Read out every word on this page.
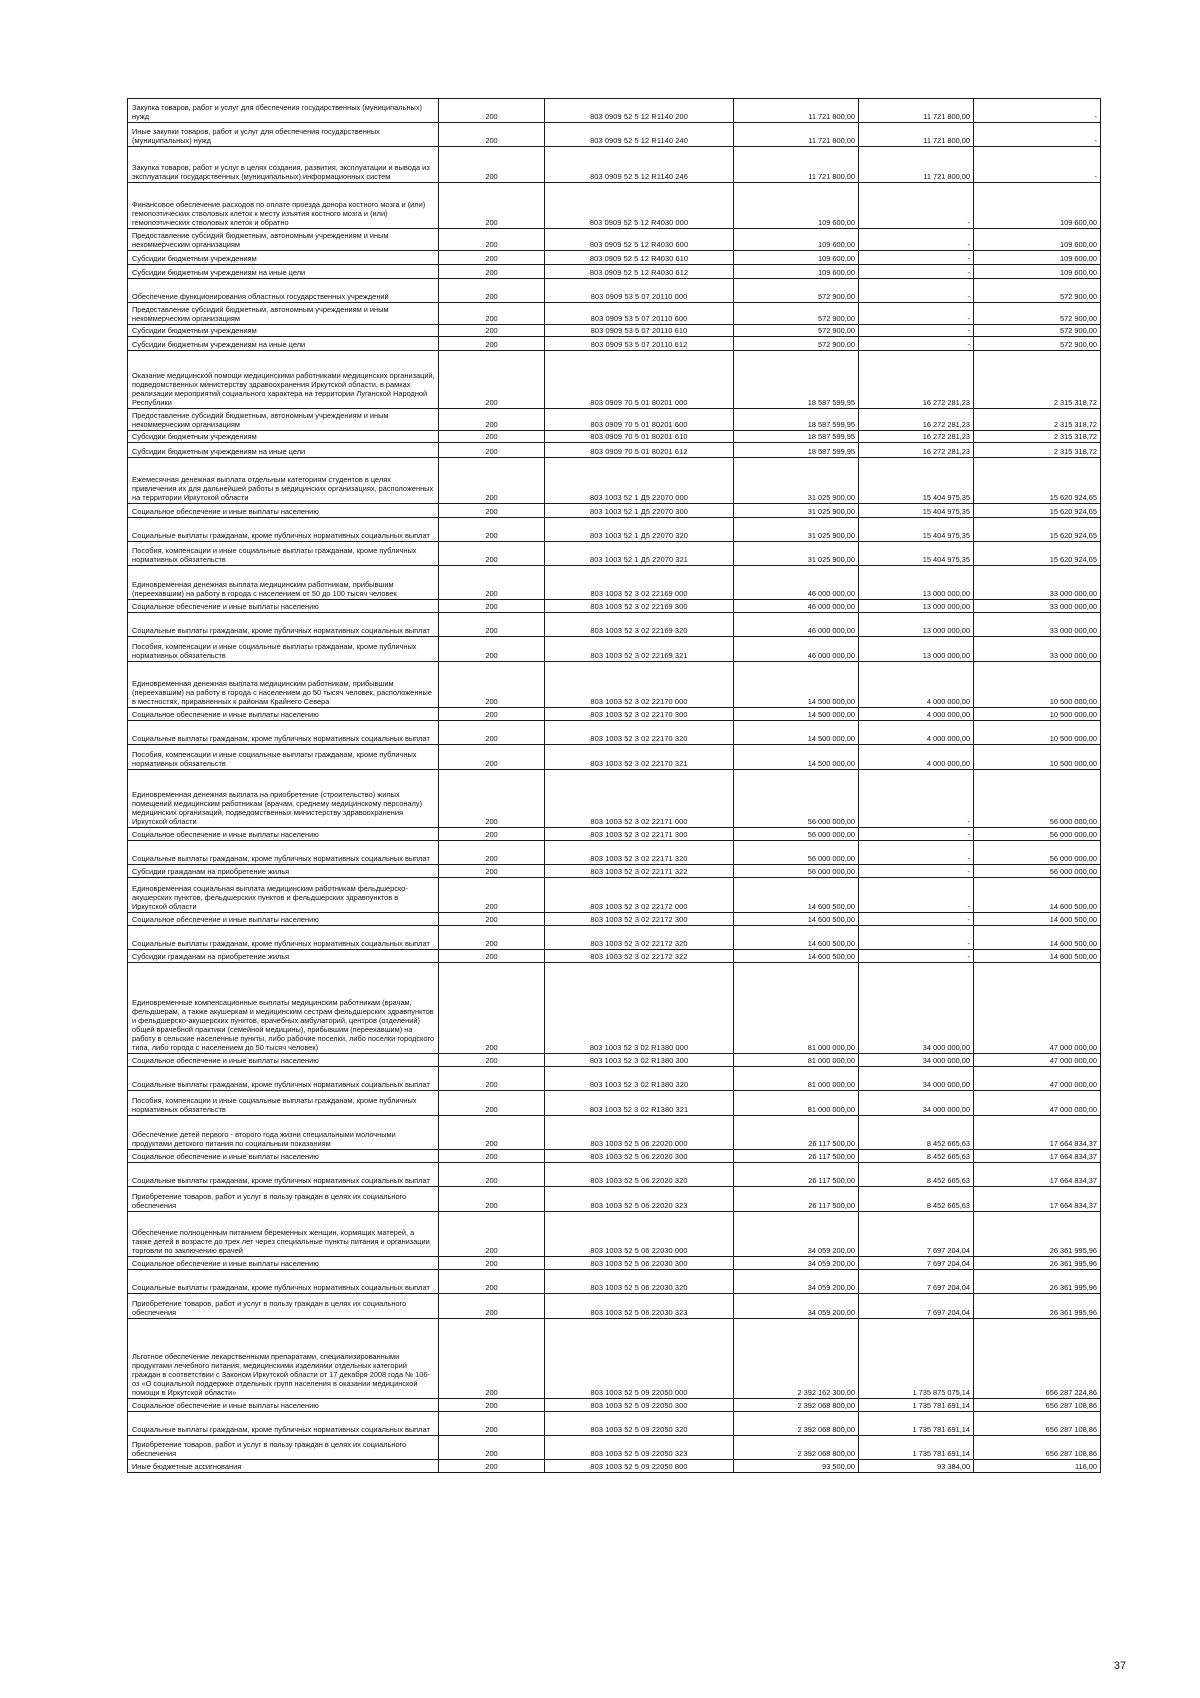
Закупка товаров, работ и услуг для обеспечения государственных (муниципальных) нужд	200	803 0909 52 5 12 R1140 200	11 721 800,00	11 721 800,00	-
Иные закупки товаров, работ и услуг для обеспечения государственных (муниципальных) нужд	200	803 0909 52 5 12 R1140 240	11 721 800,00	11 721 800,00	-
Закупка товаров, работ и услуг в целях создания, развития, эксплуатации и вывода из эксплуатации государственных (муниципальных) информационных систем	200	803 0909 52 5 12 R1140 246	11 721 800,00	11 721 800,00	-
Финансовое обеспечение расходов по оплате проезда донора костного мозга и (или) гемопоэтических стволовых клеток к месту изъятия костного мозга и (или) гемопоэтических стволовых клеток и обратно	200	803 0909 52 5 12 R4030 000	109 600,00	-	109 600,00
Предоставление субсидий бюджетным, автономным учреждениям и иным некоммерческим организациям	200	803 0909 52 5 12 R4030 600	109 600,00	-	109 600,00
Субсидии бюджетным учреждениям	200	803 0909 52 5 12 R4030 610	109 600,00	-	109 600,00
Субсидии бюджетным учреждениям на иные цели	200	803 0909 52 5 12 R4030 612	109 600,00	-	109 600,00
Обеспечение функционирования областных государственных учреждений	200	803 0909 53 5 07 20110 000	572 900,00	-	572 900,00
Предоставление субсидий бюджетным, автономным учреждениям и иным некоммерческим организациям	200	803 0909 53 5 07 20110 600	572 900,00	-	572 900,00
Субсидии бюджетным учреждениям	200	803 0909 53 5 07 20110 610	572 900,00	-	572 900,00
Субсидии бюджетным учреждениям на иные цели	200	803 0909 53 5 07 20110 612	572 900,00	-	572 900,00
Оказание медицинской помощи медицинскими работниками медицинских организаций, подведомственных министерству здравоохранения Иркутской области, в рамках реализации мероприятий социального характера на территории Луганской Народной Республики	200	803 0909 70 5 01 80201 000	18 587 599,95	16 272 281,23	2 315 318,72
Предоставление субсидий бюджетным, автономным учреждениям и иным некоммерческим организациям	200	803 0909 70 5 01 80201 600	18 587 599,95	16 272 281,23	2 315 318,72
Субсидии бюджетным учреждениям	200	803 0909 70 5 01 80201 610	18 587 599,95	16 272 281,23	2 315 318,72
Субсидии бюджетным учреждениям на иные цели	200	803 0909 70 5 01 80201 612	18 587 599,95	16 272 281,23	2 315 318,72
Ежемесячная денежная выплата отдельным категориям студентов в целях привлечения их для дальнейшей работы в медицинских организациях, расположенных на территории Иркутской области	200	803 1003 52 1 Д5 22070 000	31 025 900,00	15 404 975,35	15 620 924,65
Социальное обеспечение и иные выплаты населению	200	803 1003 52 1 Д5 22070 300	31 025 900,00	15 404 975,35	15 620 924,65
Социальные выплаты гражданам, кроме публичных нормативных социальных выплат	200	803 1003 52 1 Д5 22070 320	31 025 900,00	15 404 975,35	15 620 924,65
Пособия, компенсации и иные социальные выплаты гражданам, кроме публичных нормативных обязательств	200	803 1003 52 1 Д5 22070 321	31 025 900,00	15 404 975,35	15 620 924,65
Единовременная денежная выплата медицинским работникам, прибывшим (переехавшим) на работу в города с населением от 50 до 100 тысяч человек	200	803 1003 52 3 02 22169 000	46 000 000,00	13 000 000,00	33 000 000,00
Социальное обеспечение и иные выплаты населению	200	803 1003 52 3 02 22169 300	46 000 000,00	13 000 000,00	33 000 000,00
Социальные выплаты гражданам, кроме публичных нормативных социальных выплат	200	803 1003 52 3 02 22169 320	46 000 000,00	13 000 000,00	33 000 000,00
Пособия, компенсации и иные социальные выплаты гражданам, кроме публичных нормативных обязательств	200	803 1003 52 3 02 22169 321	46 000 000,00	13 000 000,00	33 000 000,00
Единовременная денежная выплата медицинским работникам, прибывшим (переехавшим) на работу в города с населением до 50 тысяч человек, расположенные в местностях, приравненных к районам Крайнего Севера	200	803 1003 52 3 02 22170 000	14 500 000,00	4 000 000,00	10 500 000,00
Социальное обеспечение и иные выплаты населению	200	803 1003 52 3 02 22170 300	14 500 000,00	4 000 000,00	10 500 000,00
Социальные выплаты гражданам, кроме публичных нормативных социальных выплат	200	803 1003 52 3 02 22170 320	14 500 000,00	4 000 000,00	10 500 000,00
Пособия, компенсации и иные социальные выплаты гражданам, кроме публичных нормативных обязательств	200	803 1003 52 3 02 22170 321	14 500 000,00	4 000 000,00	10 500 000,00
Единовременная денежная выплата на приобретение (строительство) жилых помещений медицинским работникам (врачам, среднему медицинскому персоналу) медицинских организаций, подведомственных министерству здравоохранения Иркутской области	200	803 1003 52 3 02 22171 000	56 000 000,00	-	56 000 000,00
Социальное обеспечение и иные выплаты населению	200	803 1003 52 3 02 22171 300	56 000 000,00	-	56 000 000,00
Социальные выплаты гражданам, кроме публичных нормативных социальных выплат	200	803 1003 52 3 02 22171 320	56 000 000,00	-	56 000 000,00
Субсидии гражданам на приобретение жилья	200	803 1003 52 3 02 22171 322	56 000 000,00	-	56 000 000,00
Единовременная социальная выплата медицинским работникам фельдшерско-акушерских пунктов, фельдшерских пунктов и фельдшерских здравпунктов в Иркутской области	200	803 1003 52 3 02 22172 000	14 600 500,00	-	14 600 500,00
Социальное обеспечение и иные выплаты населению	200	803 1003 52 3 02 22172 300	14 600 500,00	-	14 600 500,00
Социальные выплаты гражданам, кроме публичных нормативных социальных выплат	200	803 1003 52 3 02 22172 320	14 600 500,00	-	14 600 500,00
Субсидии гражданам на приобретение жилья	200	803 1003 52 3 02 22172 322	14 600 500,00	-	14 600 500,00
Единовременные компенсационные выплаты медицинским работникам (врачам, фельдшерам, а также акушеркам и медицинским сестрам фельдшерских здравпунктов и фельдшерско-акушерских пунктов, врачебных амбулаторий, центров (отделений) общей врачебной практики (семейной медицины), прибывшим (переехавшим) на работу в сельские населенные пункты, либо рабочие поселки, либо поселки городского типа, либо города с населением до 50 тысяч человек)	200	803 1003 52 3 02 R1380 000	81 000 000,00	34 000 000,00	47 000 000,00
Социальное обеспечение и иные выплаты населению	200	803 1003 52 3 02 R1380 300	81 000 000,00	34 000 000,00	47 000 000,00
Социальные выплаты гражданам, кроме публичных нормативных социальных выплат	200	803 1003 52 3 02 R1380 320	81 000 000,00	34 000 000,00	47 000 000,00
Пособия, компенсации и иные социальные выплаты гражданам, кроме публичных нормативных обязательств	200	803 1003 52 3 02 R1380 321	81 000 000,00	34 000 000,00	47 000 000,00
Обеспечение детей первого - второго года жизни специальными молочными продуктами детского питания по социальным показаниям	200	803 1003 52 5 06 22020 000	26 117 500,00	8 452 665,63	17 664 834,37
Социальное обеспечение и иные выплаты населению	200	803 1003 52 5 06 22020 300	26 117 500,00	8 452 665,63	17 664 834,37
Социальные выплаты гражданам, кроме публичных нормативных социальных выплат	200	803 1003 52 5 06 22020 320	26 117 500,00	8 452 665,63	17 664 834,37
Приобретение товаров, работ и услуг в пользу граждан в целях их социального обеспечения	200	803 1003 52 5 06 22020 323	26 117 500,00	8 452 665,63	17 664 834,37
Обеспечение полноценным питанием беременных женщин, кормящих матерей, а также детей в возрасте до трех лет через специальные пункты питания и организации торговли по заключению врачей	200	803 1003 52 5 06 22030 000	34 059 200,00	7 697 204,04	26 361 995,96
Социальное обеспечение и иные выплаты населению	200	803 1003 52 5 06 22030 300	34 059 200,00	7 697 204,04	26 361 995,96
Социальные выплаты гражданам, кроме публичных нормативных социальных выплат	200	803 1003 52 5 06 22030 320	34 059 200,00	7 697 204,04	26 361 995,96
Приобретение товаров, работ и услуг в пользу граждан в целях их социального обеспечения	200	803 1003 52 5 06 22030 323	34 059 200,00	7 697 204,04	26 361 995,96
Льготное обеспечение лекарственными препаратами, специализированными продуктами лечебного питания, медицинскими изделиями отдельных категорий граждан в соответствии с Законом Иркутской области от 17 декабря 2008 года № 106-оз «О социальной поддержке отдельных групп населения в оказании медицинской помощи в Иркутской области»	200	803 1003 52 5 09 22050 000	2 392 162 300,00	1 735 875 075,14	656 287 224,86
Социальное обеспечение и иные выплаты населению	200	803 1003 52 5 09 22050 300	2 392 068 800,00	1 735 781 691,14	656 287 108,86
Социальные выплаты гражданам, кроме публичных нормативных социальных выплат	200	803 1003 52 5 09 22050 320	2 392 068 800,00	1 735 781 691,14	656 287 108,86
Приобретение товаров, работ и услуг в пользу граждан в целях их социального обеспечения	200	803 1003 52 5 09 22050 323	2 392 068 800,00	1 735 781 691,14	656 287 108,86
Иные бюджетные ассигнования	200	803 1003 52 5 09 22050 800	93 500,00	93 384,00	116,00
37
